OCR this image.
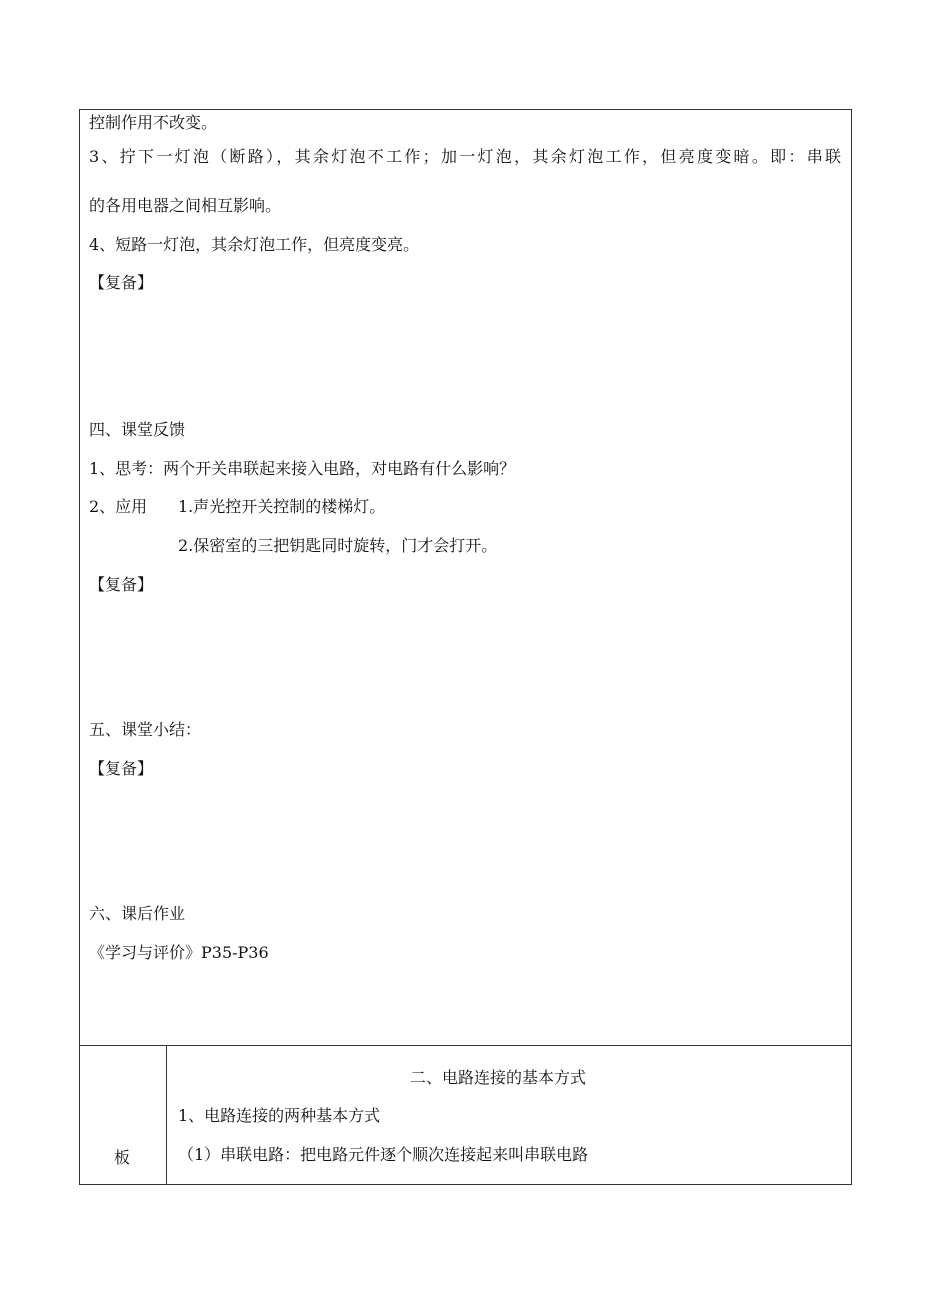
控制作用不改变。
3、拧下一灯泡（断路），其余灯泡不工作；加一灯泡，其余灯泡工作，但亮度变暗。即：串联
的各用电器之间相互影响。
4、短路一灯泡，其余灯泡工作，但亮度变亮。
【复备】
四、课堂反馈
1、思考：两个开关串联起来接入电路，对电路有什么影响？
2、应用 1.声光控开关控制的楼梯灯。
2.保密室的三把钥匙同时旋转，门才会打开。
【复备】
五、课堂小结：
【复备】
六、课后作业
《学习与评价》P35-P36
板
二、电路连接的基本方式
1、电路连接的两种基本方式
（1）串联电路：把电路元件逐个顺次连接起来叫串联电路
